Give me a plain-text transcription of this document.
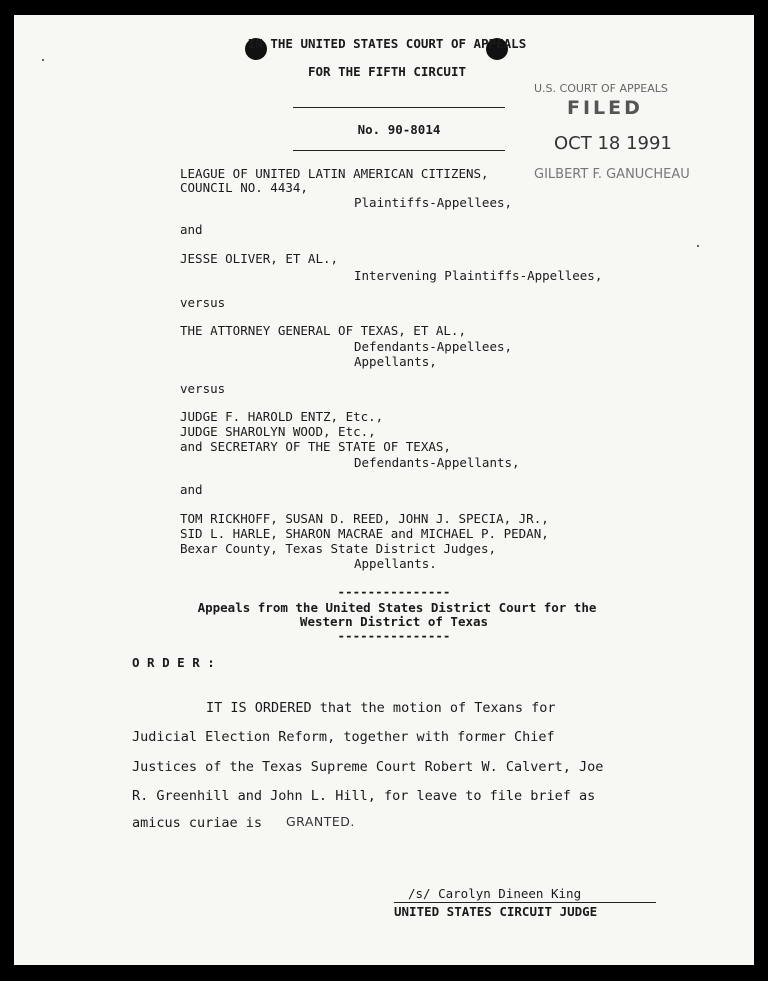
IN THE UNITED STATES COURT OF APPEALS
FOR THE FIFTH CIRCUIT
No. 90-8014
U.S. COURT OF APPEALS
FILED
OCT 18 1991
GILBERT F. GANUCHEAU
LEAGUE OF UNITED LATIN AMERICAN CITIZENS,
COUNCIL NO. 4434,
Plaintiffs-Appellees,
and
JESSE OLIVER, ET AL.,
Intervening Plaintiffs-Appellees,
versus
THE ATTORNEY GENERAL OF TEXAS, ET AL.,
Defendants-Appellees,
Appellants,
versus
JUDGE F. HAROLD ENTZ, Etc.,
JUDGE SHAROLYN WOOD, Etc.,
and SECRETARY OF THE STATE OF TEXAS,
Defendants-Appellants,
and
TOM RICKHOFF, SUSAN D. REED, JOHN J. SPECIA, JR.,
SID L. HARLE, SHARON MACRAE and MICHAEL P. PEDAN,
Bexar County, Texas State District Judges,
Appellants.
---------------
Appeals from the United States District Court for the
Western District of Texas
---------------
O R D E R :
IT IS ORDERED that the motion of Texans for
Judicial Election Reform, together with former Chief
Justices of the Texas Supreme Court Robert W. Calvert, Joe
R. Greenhill and John L. Hill, for leave to file brief as
amicus curiae is GRANTED.
/s/ Carolyn Dineen King
UNITED STATES CIRCUIT JUDGE
